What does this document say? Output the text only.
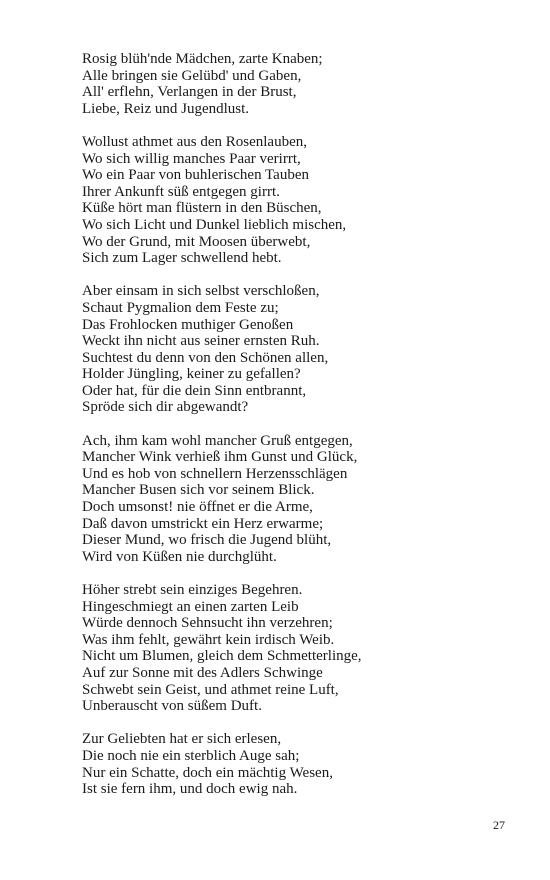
Rosig blüh'nde Mädchen, zarte Knaben;
Alle bringen sie Gelübd' und Gaben,
All' erflehn, Verlangen in der Brust,
Liebe, Reiz und Jugendlust.
Wollust athmet aus den Rosenlauben,
Wo sich willig manches Paar verirrt,
Wo ein Paar von buhlerischen Tauben
Ihrer Ankunft süß entgegen girrt.
Küße hört man flüstern in den Büschen,
Wo sich Licht und Dunkel lieblich mischen,
Wo der Grund, mit Moosen überwebt,
Sich zum Lager schwellend hebt.
Aber einsam in sich selbst verschloßen,
Schaut Pygmalion dem Feste zu;
Das Frohlocken muthiger Genoßen
Weckt ihn nicht aus seiner ernsten Ruh.
Suchtest du denn von den Schönen allen,
Holder Jüngling, keiner zu gefallen?
Oder hat, für die dein Sinn entbrannt,
Spröde sich dir abgewandt?
Ach, ihm kam wohl mancher Gruß entgegen,
Mancher Wink verhieß ihm Gunst und Glück,
Und es hob von schnellern Herzensschlägen
Mancher Busen sich vor seinem Blick.
Doch umsonst! nie öffnet er die Arme,
Daß davon umstrickt ein Herz erwarme;
Dieser Mund, wo frisch die Jugend blüht,
Wird von Küßen nie durchglüht.
Höher strebt sein einziges Begehren.
Hingeschmiegt an einen zarten Leib
Würde dennoch Sehnsucht ihn verzehren;
Was ihm fehlt, gewährt kein irdisch Weib.
Nicht um Blumen, gleich dem Schmetterlinge,
Auf zur Sonne mit des Adlers Schwinge
Schwebt sein Geist, und athmet reine Luft,
Unberauscht von süßem Duft.
Zur Geliebten hat er sich erlesen,
Die noch nie ein sterblich Auge sah;
Nur ein Schatte, doch ein mächtig Wesen,
Ist sie fern ihm, und doch ewig nah.
27
